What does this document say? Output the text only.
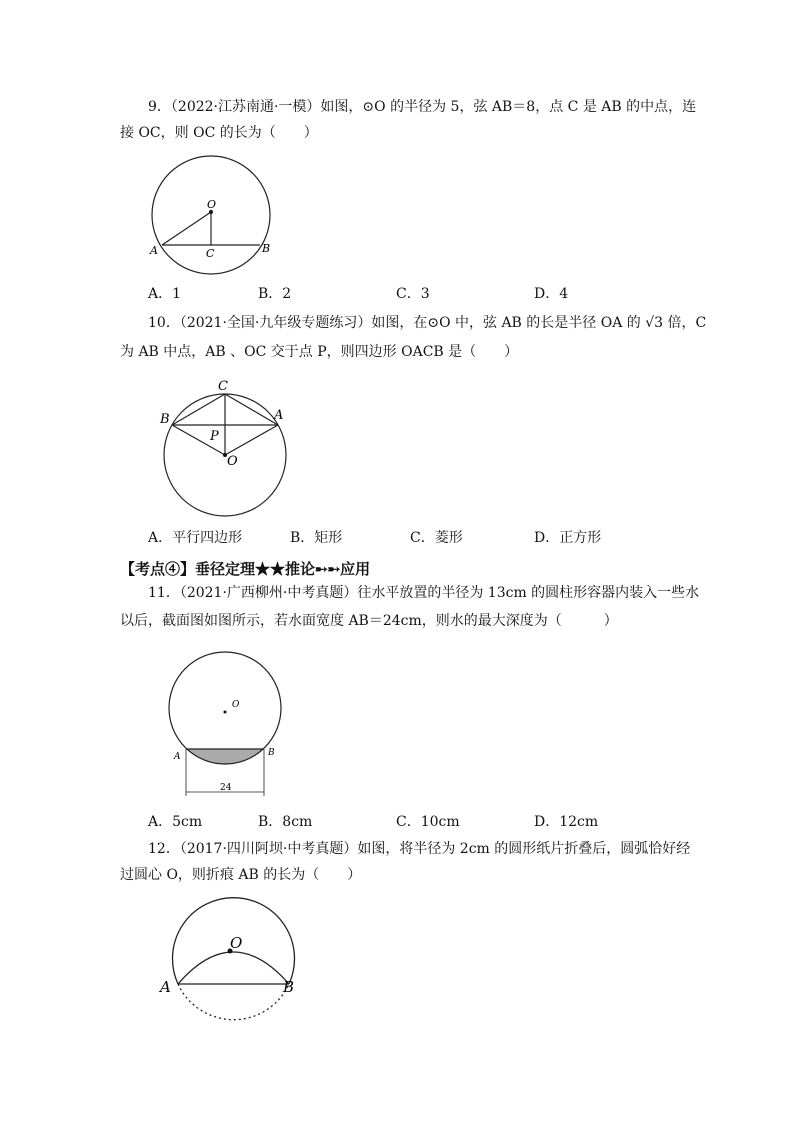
9．（2022·江苏南通·一模）如图，⊙O 的半径为 5，弦 AB＝8，点 C 是 AB 的中点，连
接 OC，则 OC 的长为（　　）
O
A	B
C
A．1	B．2	C．3	D．4
10．（2021·全国·九年级专题练习）如图，在⊙O 中，弦 AB 的长是半径 OA 的 √3 倍，C
为 AB 中点，AB 、OC 交于点 P，则四边形 OACB 是（　　）
C
B	A
P
O
A．平行四边形	B．矩形	C．菱形	D．正方形
【考点④】垂径定理★★推论➸➸应用
11．（2021·广西柳州·中考真题）往水平放置的半径为 13cm 的圆柱形容器内装入一些水
以后，截面图如图所示，若水面宽度 AB＝24cm，则水的最大深度为（　　　）
O
A	B
24
A．5cm	B．8cm	C．10cm	D．12cm
12．（2017·四川阿坝·中考真题）如图，将半径为 2cm 的圆形纸片折叠后，圆弧恰好经
过圆心 O，则折痕 AB 的长为（　　）
O
A	B
